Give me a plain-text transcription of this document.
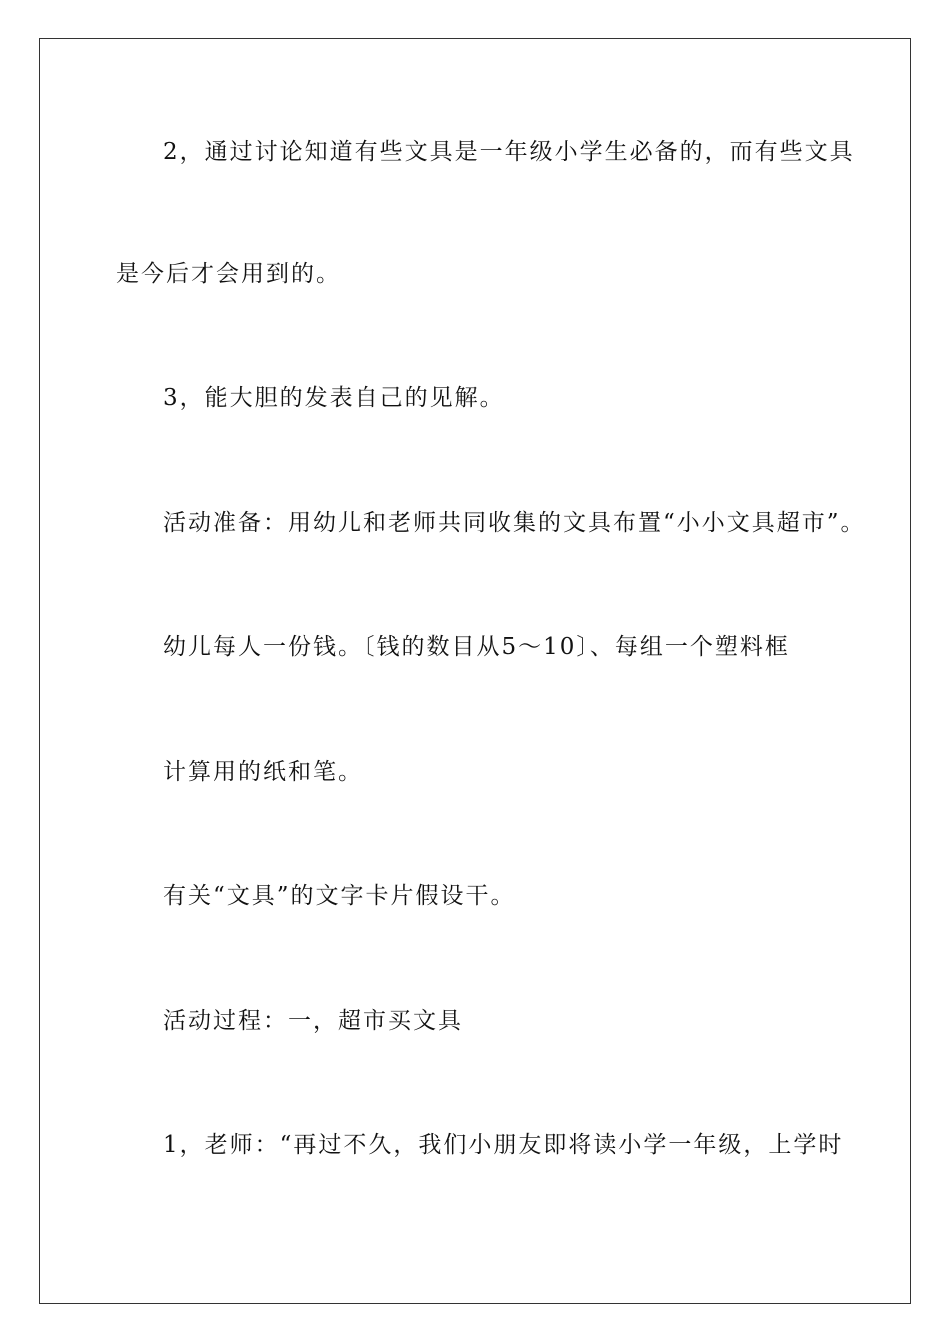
2，通过讨论知道有些文具是一年级小学生必备的，而有些文具
是今后才会用到的。
3，能大胆的发表自己的见解。
活动准备：用幼儿和老师共同收集的文具布置“小小文具超市”。
幼儿每人一份钱。〔钱的数目从5～10〕、每组一个塑料框
计算用的纸和笔。
有关“文具”的文字卡片假设干。
活动过程：一，超市买文具
1，老师：“再过不久，我们小朋友即将读小学一年级，上学时
